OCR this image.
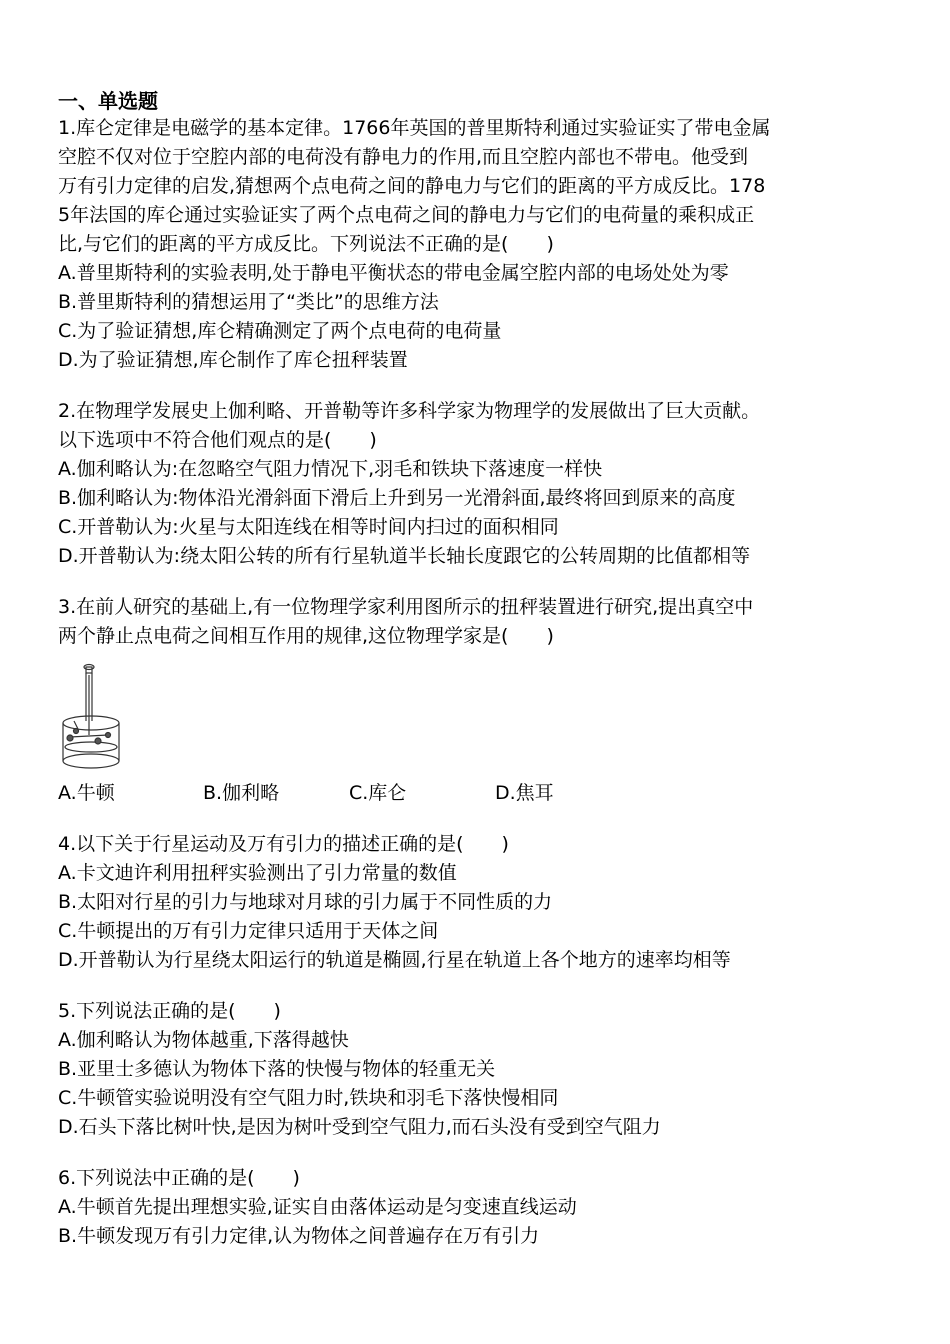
一、单选题
1.库仑定律是电磁学的基本定律。1766年英国的普里斯特利通过实验证实了带电金属
空腔不仅对位于空腔内部的电荷没有静电力的作用,而且空腔内部也不带电。他受到
万有引力定律的启发,猜想两个点电荷之间的静电力与它们的距离的平方成反比。178
5年法国的库仑通过实验证实了两个点电荷之间的静电力与它们的电荷量的乘积成正
比,与它们的距离的平方成反比。下列说法不正确的是(　　)
A.普里斯特利的实验表明,处于静电平衡状态的带电金属空腔内部的电场处处为零
B.普里斯特利的猜想运用了“类比”的思维方法
C.为了验证猜想,库仑精确测定了两个点电荷的电荷量
D.为了验证猜想,库仑制作了库仑扭秤装置
2.在物理学发展史上伽利略、开普勒等许多科学家为物理学的发展做出了巨大贡献。
以下选项中不符合他们观点的是(　　)
A.伽利略认为:在忽略空气阻力情况下,羽毛和铁块下落速度一样快
B.伽利略认为:物体沿光滑斜面下滑后上升到另一光滑斜面,最终将回到原来的高度
C.开普勒认为:火星与太阳连线在相等时间内扫过的面积相同
D.开普勒认为:绕太阳公转的所有行星轨道半长轴长度跟它的公转周期的比值都相等
3.在前人研究的基础上,有一位物理学家利用图所示的扭秤装置进行研究,提出真空中
两个静止点电荷之间相互作用的规律,这位物理学家是(　　)
A.牛顿	B.伽利略	C.库仑	D.焦耳
4.以下关于行星运动及万有引力的描述正确的是(　　)
A.卡文迪许利用扭秤实验测出了引力常量的数值
B.太阳对行星的引力与地球对月球的引力属于不同性质的力
C.牛顿提出的万有引力定律只适用于天体之间
D.开普勒认为行星绕太阳运行的轨道是椭圆,行星在轨道上各个地方的速率均相等
5.下列说法正确的是(　　)
A.伽利略认为物体越重,下落得越快
B.亚里士多德认为物体下落的快慢与物体的轻重无关
C.牛顿管实验说明没有空气阻力时,铁块和羽毛下落快慢相同
D.石头下落比树叶快,是因为树叶受到空气阻力,而石头没有受到空气阻力
6.下列说法中正确的是(　　)
A.牛顿首先提出理想实验,证实自由落体运动是匀变速直线运动
B.牛顿发现万有引力定律,认为物体之间普遍存在万有引力
